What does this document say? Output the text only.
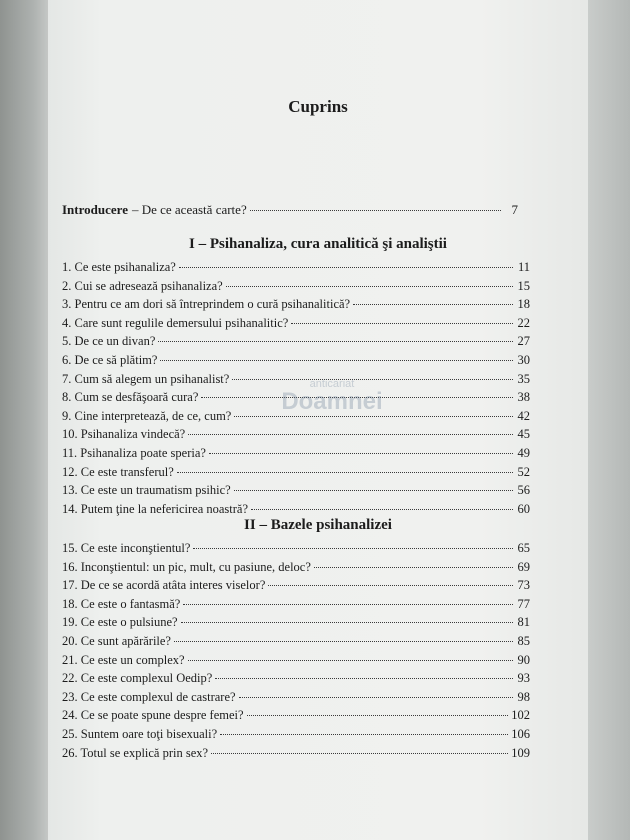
Cuprins
Introducere – De ce această carte?	7
I – Psihanaliza, cura analitică şi analiştii
1. Ce este psihanaliza?	11
2. Cui se adresează psihanaliza?	15
3. Pentru ce am dori să întreprindem o cură psihanalitică?	18
4. Care sunt regulile demersului psihanalitic?	22
5. De ce un divan?	27
6. De ce să plătim?	30
7. Cum să alegem un psihanalist?	35
8. Cum se desfăşoară cura?	38
9. Cine interpretează, de ce, cum?	42
10. Psihanaliza vindecă?	45
11. Psihanaliza poate speria?	49
12. Ce este transferul?	52
13. Ce este un traumatism psihic?	56
14. Putem ţine la nefericirea noastră?	60
II – Bazele psihanalizei
15. Ce este inconştientul?	65
16. Inconştientul: un pic, mult, cu pasiune, deloc?	69
17. De ce se acordă atâta interes viselor?	73
18. Ce este o fantasmă?	77
19. Ce este o pulsiune?	81
20. Ce sunt apărările?	85
21. Ce este un complex?	90
22. Ce este complexul Oedip?	93
23. Ce este complexul de castrare?	98
24. Ce se poate spune despre femei?	102
25. Suntem oare toţi bisexuali?	106
26. Totul se explică prin sex?	109
anticariat
Doamnei
